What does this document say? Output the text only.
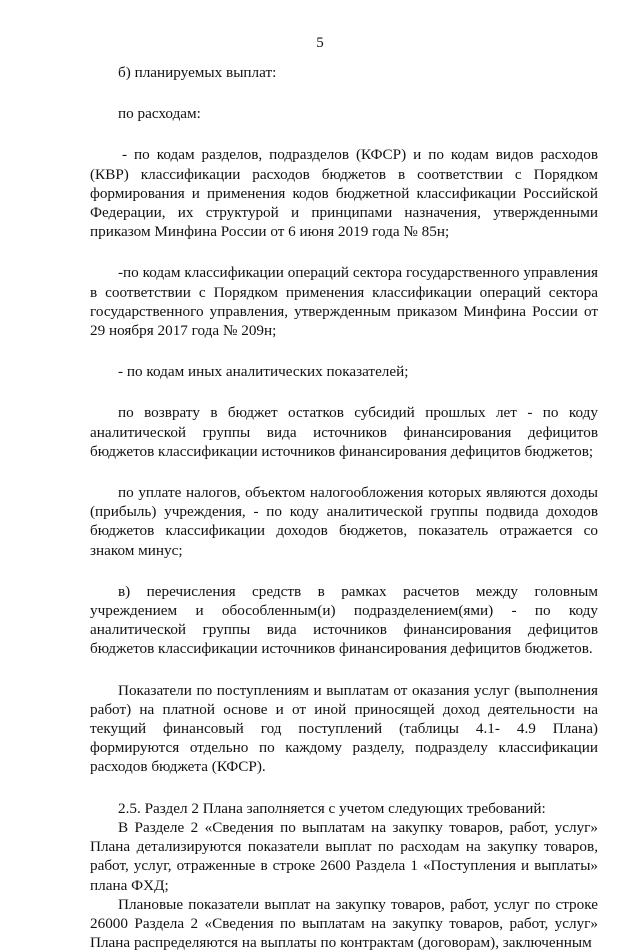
5

б) планируемых выплат:

по расходам:

- по кодам разделов, подразделов (КФСР) и по кодам видов расходов (КВР) классификации расходов бюджетов в соответствии с Порядком формирования и применения кодов бюджетной классификации Российской Федерации, их структурой и принципами назначения, утвержденными приказом Минфина России от 6 июня 2019 года № 85н;

-по кодам классификации операций сектора государственного управления в соответствии с Порядком применения классификации операций сектора государственного управления, утвержденным приказом Минфина России от 29 ноября 2017 года № 209н;

- по кодам иных аналитических показателей;

по возврату в бюджет остатков субсидий прошлых лет - по коду аналитической группы вида источников финансирования дефицитов бюджетов классификации источников финансирования дефицитов бюджетов;

по уплате налогов, объектом налогообложения которых являются доходы (прибыль) учреждения, - по коду аналитической группы подвида доходов бюджетов классификации доходов бюджетов, показатель отражается со знаком минус;

в) перечисления средств в рамках расчетов между головным учреждением и обособленным(и) подразделением(ями) - по коду аналитической группы вида источников финансирования дефицитов бюджетов классификации источников финансирования дефицитов бюджетов.

Показатели по поступлениям и выплатам от оказания услуг (выполнения работ) на платной основе и от иной приносящей доход деятельности на текущий финансовый год поступлений (таблицы 4.1- 4.9 Плана) формируются отдельно по каждому разделу, подразделу классификации расходов бюджета (КФСР).

2.5. Раздел 2 Плана заполняется с учетом следующих требований:

В Разделе 2 «Сведения по выплатам на закупку товаров, работ, услуг» Плана детализируются показатели выплат по расходам на закупку товаров, работ, услуг, отраженные в строке 2600 Раздела 1 «Поступления и выплаты» плана ФХД;

Плановые показатели выплат на закупку товаров, работ, услуг по строке 26000 Раздела 2 «Сведения по выплатам на закупку товаров, работ, услуг» Плана распределяются на выплаты по контрактам (договорам), заключенным
